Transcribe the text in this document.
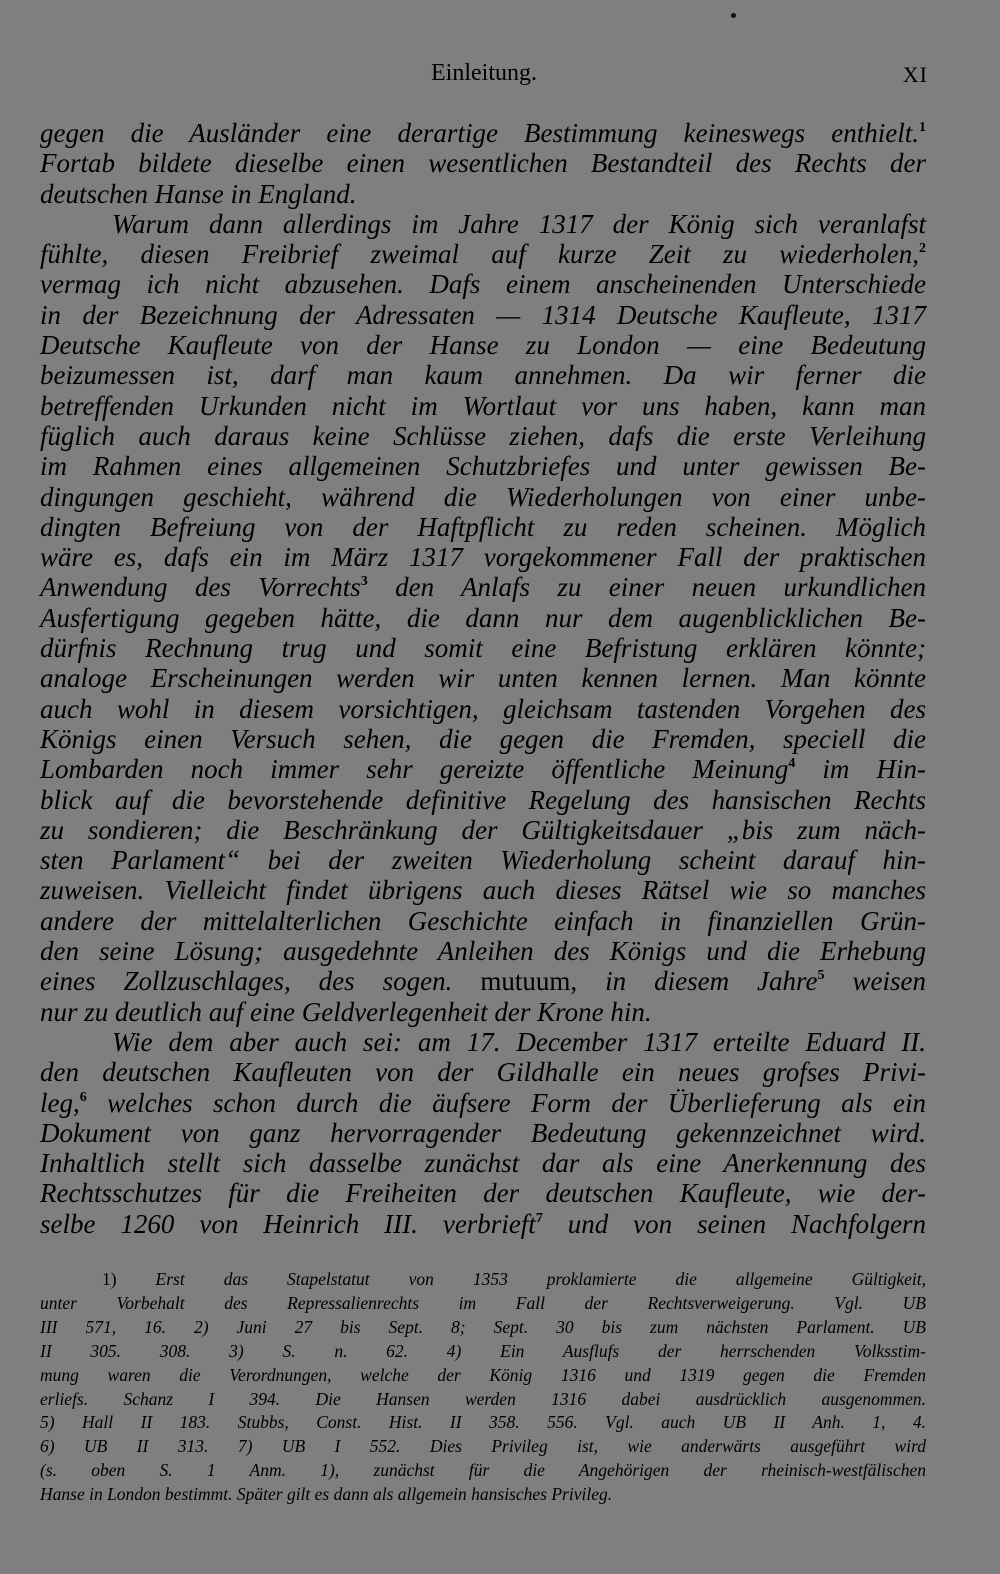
Einleitung.	XI
gegen die Ausländer eine derartige Bestimmung keineswegs enthielt.$^1$
Fortab bildete dieselbe einen wesentlichen Bestandteil des Rechts der
deutschen Hanse in England.
Warum dann allerdings im Jahre 1317 der König sich veranlafst
fühlte, diesen Freibrief zweimal auf kurze Zeit zu wiederholen,$^2$
vermag ich nicht abzusehen. Dafs einem anscheinenden Unterschiede
in der Bezeichnung der Adressaten — 1314 Deutsche Kaufleute, 1317
Deutsche Kaufleute von der Hanse zu London — eine Bedeutung
beizumessen ist, darf man kaum annehmen. Da wir ferner die
betreffenden Urkunden nicht im Wortlaut vor uns haben, kann man
füglich auch daraus keine Schlüsse ziehen, dafs die erste Verleihung
im Rahmen eines allgemeinen Schutzbriefes und unter gewissen Be-
dingungen geschieht, während die Wiederholungen von einer unbe-
dingten Befreiung von der Haftpflicht zu reden scheinen. Möglich
wäre es, dafs ein im März 1317 vorgekommener Fall der praktischen
Anwendung des Vorrechts$^3$ den Anlafs zu einer neuen urkundlichen
Ausfertigung gegeben hätte, die dann nur dem augenblicklichen Be-
dürfnis Rechnung trug und somit eine Befristung erklären könnte;
analoge Erscheinungen werden wir unten kennen lernen. Man könnte
auch wohl in diesem vorsichtigen, gleichsam tastenden Vorgehen des
Königs einen Versuch sehen, die gegen die Fremden, speciell die
Lombarden noch immer sehr gereizte öffentliche Meinung$^4$ im Hin-
blick auf die bevorstehende definitive Regelung des hansischen Rechts
zu sondieren; die Beschränkung der Gültigkeitsdauer „bis zum näch-
sten Parlament“ bei der zweiten Wiederholung scheint darauf hin-
zuweisen. Vielleicht findet übrigens auch dieses Rätsel wie so manches
andere der mittelalterlichen Geschichte einfach in finanziellen Grün-
den seine Lösung; ausgedehnte Anleihen des Königs und die Erhebung
eines Zollzuschlages, des sogen. mutuum, in diesem Jahre$^5$ weisen
nur zu deutlich auf eine Geldverlegenheit der Krone hin.
Wie dem aber auch sei: am 17. December 1317 erteilte Eduard II.
den deutschen Kaufleuten von der Gildhalle ein neues grofses Privi-
leg,$^6$ welches schon durch die äufsere Form der Überlieferung als ein
Dokument von ganz hervorragender Bedeutung gekennzeichnet wird.
Inhaltlich stellt sich dasselbe zunächst dar als eine Anerkennung des
Rechtsschutzes für die Freiheiten der deutschen Kaufleute, wie der-
selbe 1260 von Heinrich III. verbrieft$^7$ und von seinen Nachfolgern
1) Erst das Stapelstatut von 1353 proklamierte die allgemeine Gültigkeit,
unter Vorbehalt des Repressalienrechts im Fall der Rechtsverweigerung. Vgl. UB
III 571, 16. 2) Juni 27 bis Sept. 8; Sept. 30 bis zum nächsten Parlament. UB
II 305. 308. 3) S. n. 62. 4) Ein Ausflufs der herrschenden Volksstim-
mung waren die Verordnungen, welche der König 1316 und 1319 gegen die Fremden
erliefs. Schanz I 394. Die Hansen werden 1316 dabei ausdrücklich ausgenommen.
5) Hall II 183. Stubbs, Const. Hist. II 358. 556. Vgl. auch UB II Anh. 1, 4.
6) UB II 313. 7) UB I 552. Dies Privileg ist, wie anderwärts ausgeführt wird
(s. oben S. 1 Anm. 1), zunächst für die Angehörigen der rheinisch-westfälischen
Hanse in London bestimmt. Später gilt es dann als allgemein hansisches Privileg.
